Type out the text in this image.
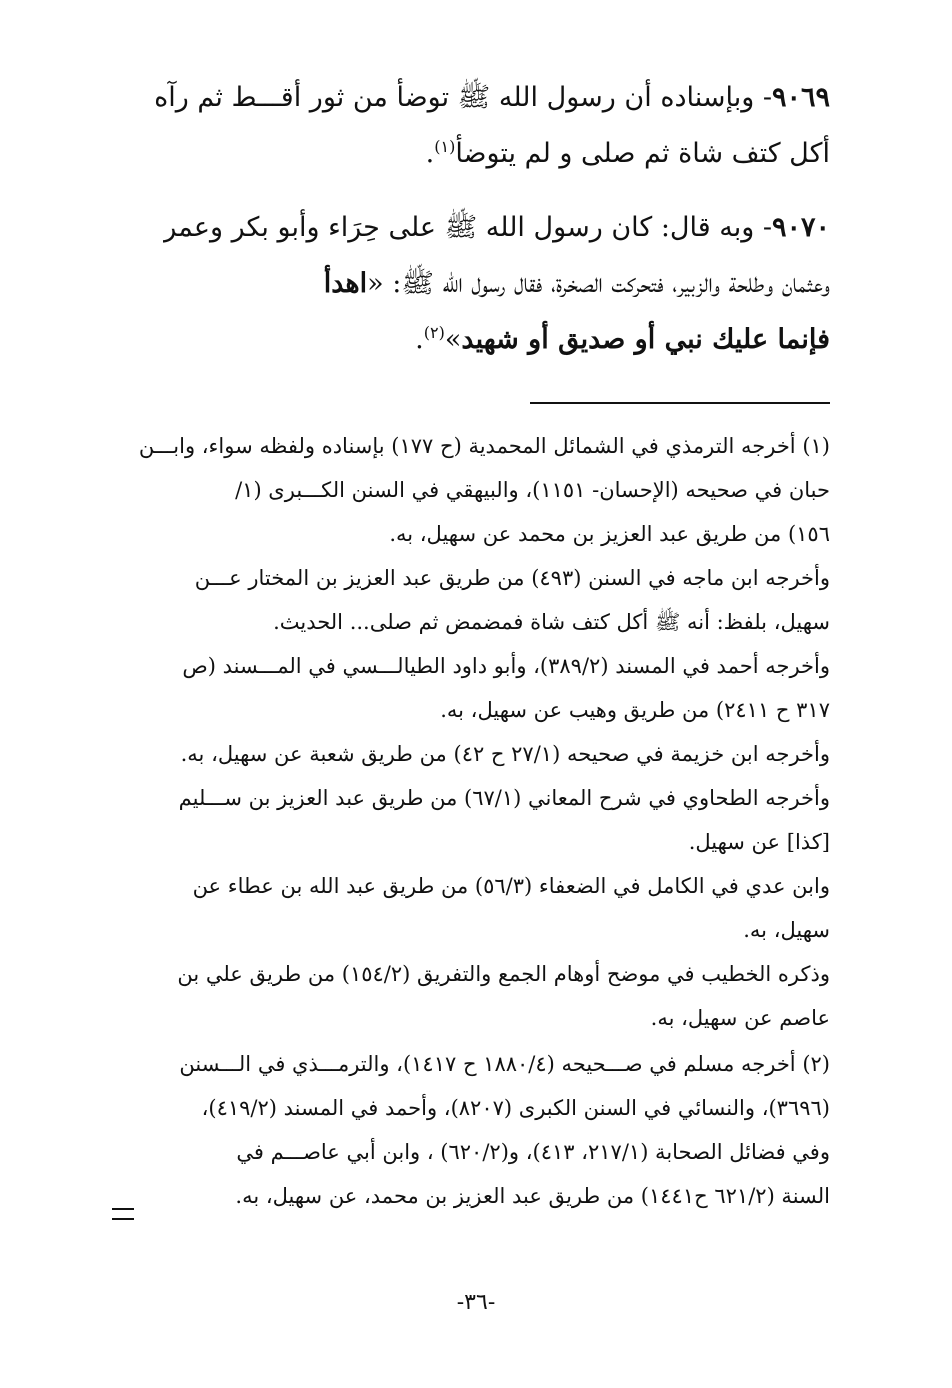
٩٠٦٩- وبإسناده أن رسول الله ﷺ توضأ من ثور أقـــط ثم رآه
أكل كتف شاة ثم صلى و لم يتوضأ$^{(١)}$.
٩٠٧٠- وبه قال: كان رسول الله ﷺ على حِرَاء وأبو بكر وعمر
وعثمان وطلحة والزبير، فتحركت الصخرة، فقال رسول الله ﷺ: «اهدأ
فإنما عليك نبي أو صديق أو شهيد»$^{(٢)}$.
(١) أخرجه الترمذي في الشمائل المحمدية (ح ١٧٧) بإسناده ولفظه سواء، وابـــن
حبان في صحيحه (الإحسان- ١١٥١)، والبيهقي في السنن الكـــبرى (١/
١٥٦) من طريق عبد العزيز بن محمد عن سهيل، به.
وأخرجه ابن ماجه في السنن (٤٩٣) من طريق عبد العزيز بن المختار عـــن
سهيل، بلفظ: أنه ﷺ أكل كتف شاة فمضمض ثم صلى... الحديث.
وأخرجه أحمد في المسند (٣٨٩/٢)، وأبو داود الطيالـــسي في المـــسند (ص
٣١٧ ح ٢٤١١) من طريق وهيب عن سهيل، به.
وأخرجه ابن خزيمة في صحيحه (٢٧/١ ح ٤٢) من طريق شعبة عن سهيل، به.
وأخرجه الطحاوي في شرح المعاني (٦٧/١) من طريق عبد العزيز بن ســـليم
[كذا] عن سهيل.
وابن عدي في الكامل في الضعفاء (٥٦/٣) من طريق عبد الله بن عطاء عن
سهيل، به.
وذكره الخطيب في موضح أوهام الجمع والتفريق (١٥٤/٢) من طريق علي بن
عاصم عن سهيل، به.
(٢) أخرجه مسلم في صـــحيحه (١٨٨٠/٤ ح ١٤١٧)، والترمـــذي في الـــسنن
(٣٦٩٦)، والنسائي في السنن الكبرى (٨٢٠٧)، وأحمد في المسند (٤١٩/٢)،
وفي فضائل الصحابة (٢١٧/١، ٤١٣)، و(٦٢٠/٢) ، وابن أبي عاصـــم في
السنة (٦٢١/٢ ح١٤٤١) من طريق عبد العزيز بن محمد، عن سهيل، به.
-٣٦-
